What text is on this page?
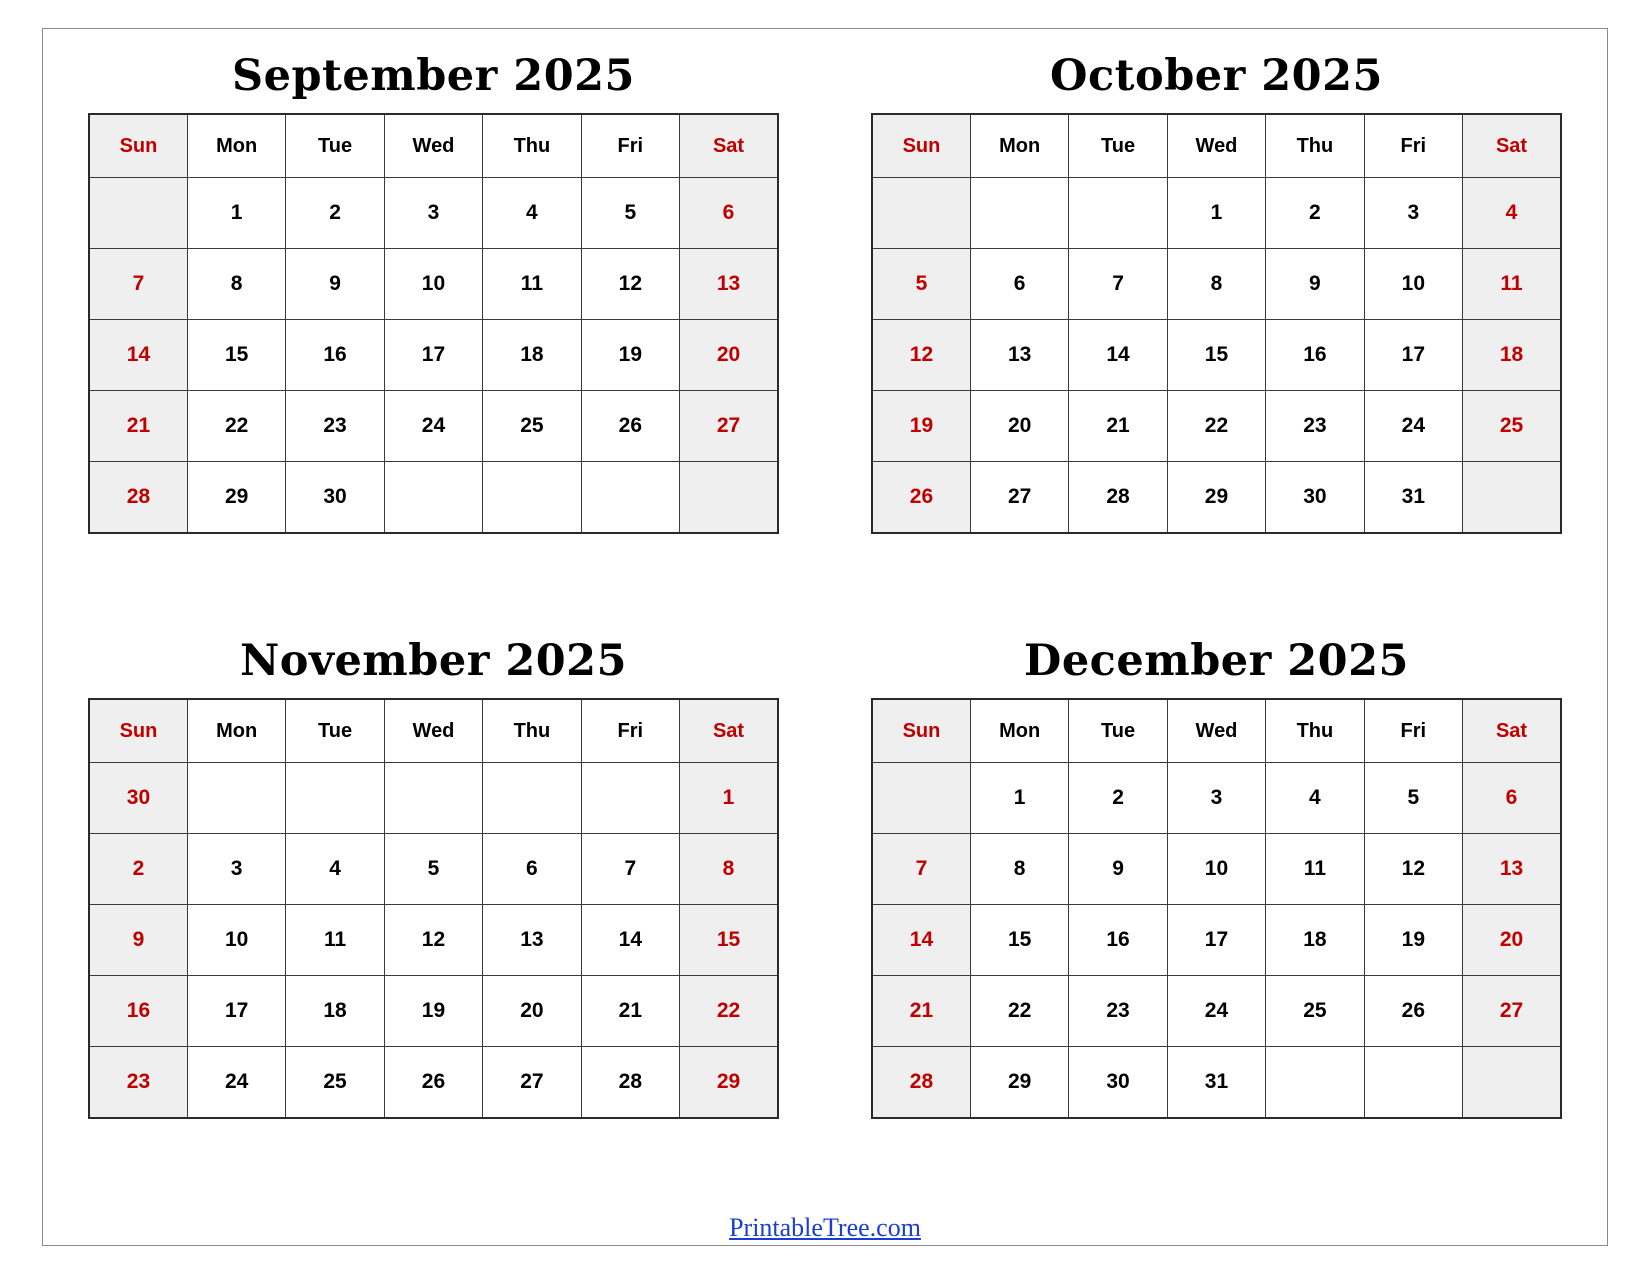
September 2025
Sun	Mon	Tue	Wed	Thu	Fri	Sat
	1	2	3	4	5	6
7	8	9	10	11	12	13
14	15	16	17	18	19	20
21	22	23	24	25	26	27
28	29	30				
October 2025
Sun	Mon	Tue	Wed	Thu	Fri	Sat
			1	2	3	4
5	6	7	8	9	10	11
12	13	14	15	16	17	18
19	20	21	22	23	24	25
26	27	28	29	30	31	
November 2025
Sun	Mon	Tue	Wed	Thu	Fri	Sat
30						1
2	3	4	5	6	7	8
9	10	11	12	13	14	15
16	17	18	19	20	21	22
23	24	25	26	27	28	29
December 2025
Sun	Mon	Tue	Wed	Thu	Fri	Sat
	1	2	3	4	5	6
7	8	9	10	11	12	13
14	15	16	17	18	19	20
21	22	23	24	25	26	27
28	29	30	31			
PrintableTree.com
